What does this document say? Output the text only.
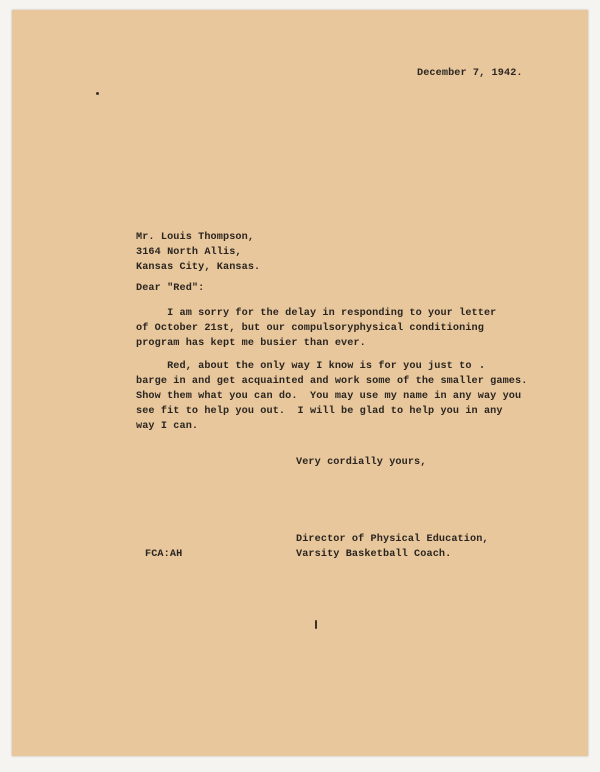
December 7, 1942.
Mr. Louis Thompson,
3164 North Allis,
Kansas City, Kansas.
Dear "Red":
I am sorry for the delay in responding to your letter
of October 21st, but our compulsoryphysical conditioning
program has kept me busier than ever.
Red, about the only way I know is for you just to
barge in and get acquainted and work some of the smaller games.
Show them what you can do.  You may use my name in any way you
see fit to help you out.  I will be glad to help you in any
way I can.
Very cordially yours,
Director of Physical Education,
Varsity Basketball Coach.
FCA:AH
